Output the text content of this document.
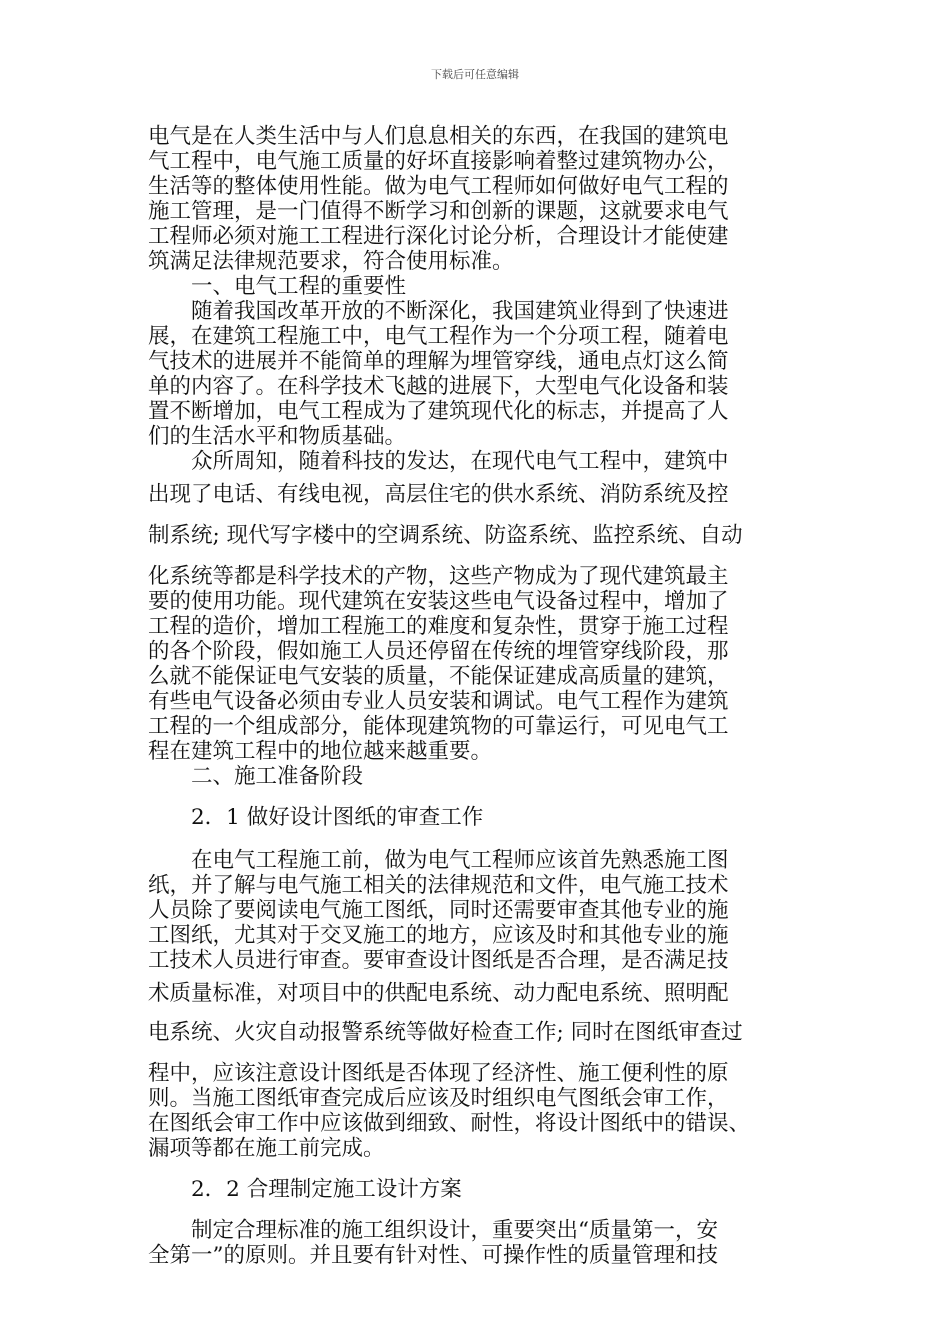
下载后可任意编辑
电气是在人类生活中与人们息息相关的东西，在我国的建筑电
气工程中，电气施工质量的好坏直接影响着整过建筑物办公，
生活等的整体使用性能。做为电气工程师如何做好电气工程的
施工管理，是一门值得不断学习和创新的课题，这就要求电气
工程师必须对施工工程进行深化讨论分析，合理设计才能使建
筑满足法律规范要求，符合使用标准。
一、电气工程的重要性
随着我国改革开放的不断深化，我国建筑业得到了快速进
展，在建筑工程施工中，电气工程作为一个分项工程，随着电
气技术的进展并不能简单的理解为埋管穿线，通电点灯这么简
单的内容了。在科学技术飞越的进展下，大型电气化设备和装
置不断增加，电气工程成为了建筑现代化的标志，并提高了人
们的生活水平和物质基础。
众所周知，随着科技的发达，在现代电气工程中，建筑中
出现了电话、有线电视，高层住宅的供水系统、消防系统及控
制系统; 现代写字楼中的空调系统、防盗系统、监控系统、自动
化系统等都是科学技术的产物，这些产物成为了现代建筑最主
要的使用功能。现代建筑在安装这些电气设备过程中，增加了
工程的造价，增加工程施工的难度和复杂性，贯穿于施工过程
的各个阶段，假如施工人员还停留在传统的埋管穿线阶段，那
么就不能保证电气安装的质量，不能保证建成高质量的建筑，
有些电气设备必须由专业人员安装和调试。电气工程作为建筑
工程的一个组成部分，能体现建筑物的可靠运行，可见电气工
程在建筑工程中的地位越来越重要。
二、施工准备阶段
2．1 做好设计图纸的审查工作
在电气工程施工前，做为电气工程师应该首先熟悉施工图
纸，并了解与电气施工相关的法律规范和文件，电气施工技术
人员除了要阅读电气施工图纸，同时还需要审查其他专业的施
工图纸，尤其对于交叉施工的地方，应该及时和其他专业的施
工技术人员进行审查。要审查设计图纸是否合理，是否满足技
术质量标准，对项目中的供配电系统、动力配电系统、照明配
电系统、火灾自动报警系统等做好检查工作; 同时在图纸审查过
程中，应该注意设计图纸是否体现了经济性、施工便利性的原
则。当施工图纸审查完成后应该及时组织电气图纸会审工作，
在图纸会审工作中应该做到细致、耐性，将设计图纸中的错误、
漏项等都在施工前完成。
2．2 合理制定施工设计方案
制定合理标准的施工组织设计，重要突出“质量第一，安
全第一”的原则。并且要有针对性、可操作性的质量管理和技
